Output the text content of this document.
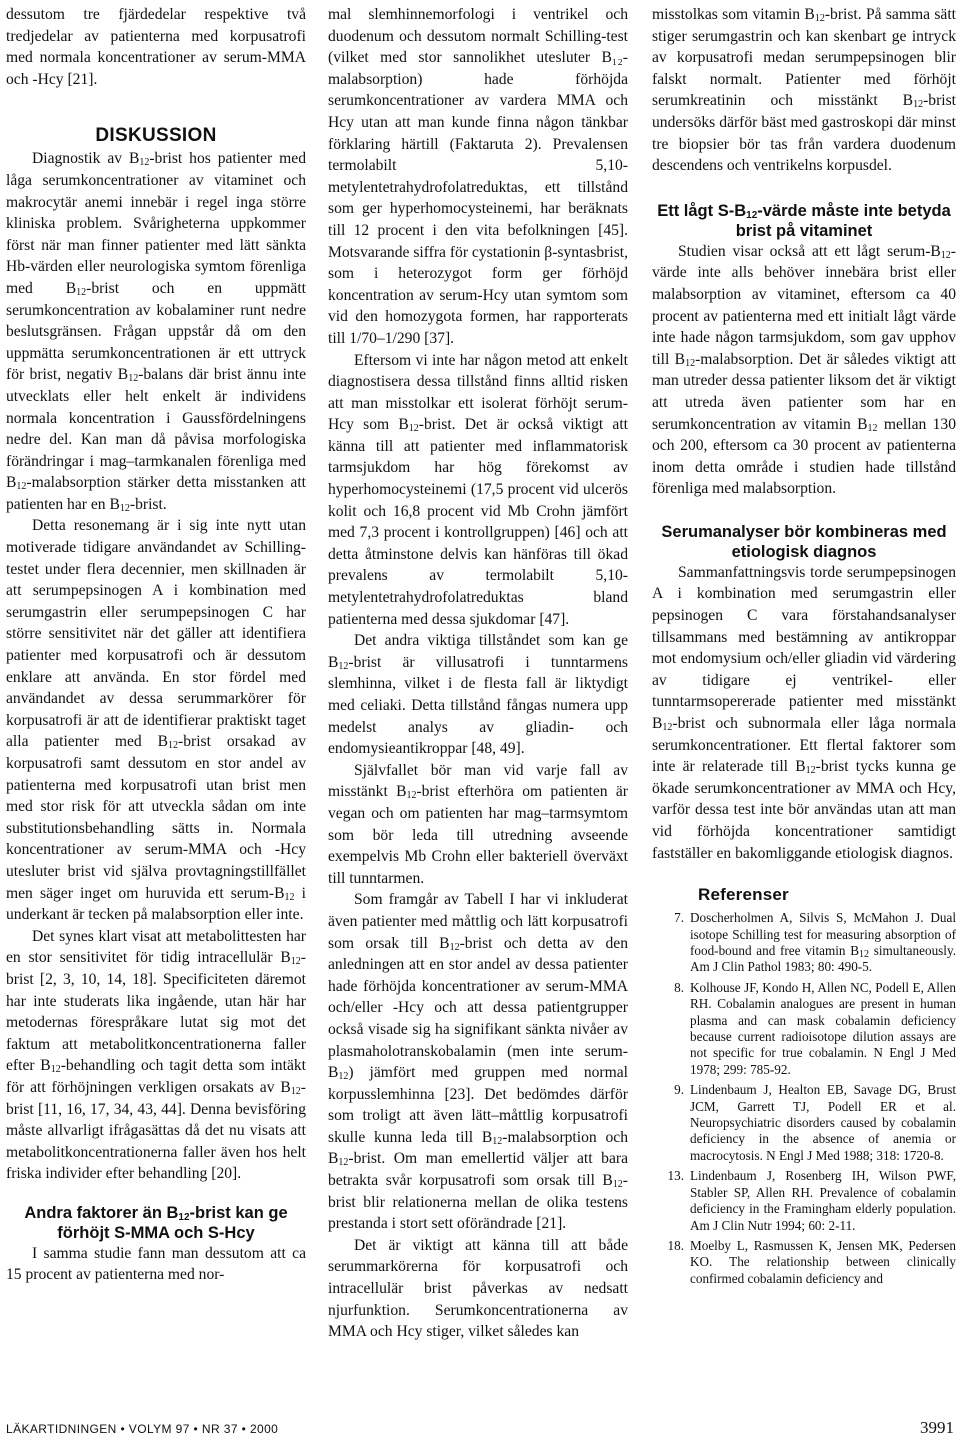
dessutom tre fjärdedelar respektive två tredjedelar av patienterna med korpusatrofi med normala koncentrationer av serum-MMA och -Hcy [21].

DISKUSSION

Diagnostik av $B_{12}$-brist hos patienter med låga serumkoncentrationer av vitaminet och makrocytär anemi innebär i regel inga större kliniska problem. Svårigheterna uppkommer först när man finner patienter med lätt sänkta Hb-värden eller neurologiska symtom förenliga med $B_{12}$-brist och en uppmätt serumkoncentration av kobalaminer runt nedre beslutsgränsen. Frågan uppstår då om den uppmätta serumkoncentrationen är ett uttryck för brist, negativ $B_{12}$-balans där brist ännu inte utvecklats eller helt enkelt är individens normala koncentration i Gaussfördelningens nedre del. Kan man då påvisa morfologiska förändringar i mag–tarmkanalen förenliga med $B_{12}$-malabsorption stärker detta misstanken att patienten har en $B_{12}$-brist.

Detta resonemang är i sig inte nytt utan motiverade tidigare användandet av Schilling-testet under flera decennier, men skillnaden är att serumpepsinogen A i kombination med serumgastrin eller serumpepsinogen C har större sensitivitet när det gäller att identifiera patienter med korpusatrofi och är dessutom enklare att använda. En stor fördel med användandet av dessa serummarkörer för korpusatrofi är att de identifierar praktiskt taget alla patienter med $B_{12}$-brist orsakad av korpusatrofi samt dessutom en stor andel av patienterna med korpusatrofi utan brist men med stor risk för att utveckla sådan om inte substitutionsbehandling sätts in. Normala koncentrationer av serum-MMA och -Hcy utesluter brist vid själva provtagningstillfället men säger inget om huruvida ett serum-$B_{12}$ i underkant är tecken på malabsorption eller inte.

Det synes klart visat att metabolittesten har en stor sensitivitet för tidig intracellulär $B_{12}$-brist [2, 3, 10, 14, 18]. Specificiteten däremot har inte studerats lika ingående, utan här har metodernas förespråkare lutat sig mot det faktum att metabolitkoncentrationerna faller efter $B_{12}$-behandling och tagit detta som intäkt för att förhöjningen verkligen orsakats av $B_{12}$-brist [11, 16, 17, 34, 43, 44]. Denna bevisföring måste allvarligt ifrågasättas då det nu visats att metabolitkoncentrationerna faller även hos helt friska individer efter behandling [20].

Andra faktorer än $B_{12}$-brist kan ge förhöjt S-MMA och S-Hcy

I samma studie fann man dessutom att ca 15 procent av patienterna med nor-

mal slemhinnemorfologi i ventrikel och duodenum och dessutom normalt Schilling-test (vilket med stor sannolikhet utesluter B₁₂-malabsorption) hade förhöjda serumkoncentrationer av vardera MMA och Hcy utan att man kunde finna någon tänkbar förklaring härtill (Faktaruta 2). Prevalensen termolabilt 5,10-metylentetrahydrofolatreduktas, ett tillstånd som ger hyperhomocysteinemi, har beräknats till 12 procent i den vita befolkningen [45]. Motsvarande siffra för cystationin β-syntasbrist, som i heterozygot form ger förhöjd koncentration av serum-Hcy utan symtom som vid den homozygota formen, har rapporterats till 1/70–1/290 [37].

Eftersom vi inte har någon metod att enkelt diagnostisera dessa tillstånd finns alltid risken att man misstolkar ett isolerat förhöjt serum-Hcy som $B_{12}$-brist. Det är också viktigt att känna till att patienter med inflammatorisk tarmsjukdom har hög förekomst av hyperhomocysteinemi (17,5 procent vid ulcerös kolit och 16,8 procent vid Mb Crohn jämfört med 7,3 procent i kontrollgruppen) [46] och att detta åtminstone delvis kan hänföras till ökad prevalens av termolabilt 5,10-metylentetrahydrofolatreduktas bland patienterna med dessa sjukdomar [47].

Det andra viktiga tillståndet som kan ge $B_{12}$-brist är villusatrofi i tunntarmens slemhinna, vilket i de flesta fall är liktydigt med celiaki. Detta tillstånd fångas numera upp medelst analys av gliadin- och endomysieantikroppar [48, 49].

Självfallet bör man vid varje fall av misstänkt $B_{12}$-brist efterhöra om patienten är vegan och om patienten har mag–tarmsymtom som bör leda till utredning avseende exempelvis Mb Crohn eller bakteriell överväxt till tunntarmen.

Som framgår av Tabell I har vi inkluderat även patienter med måttlig och lätt korpusatrofi som orsak till $B_{12}$-brist och detta av den anledningen att en stor andel av dessa patienter hade förhöjda koncentrationer av serum-MMA och/eller -Hcy och att dessa patientgrupper också visade sig ha signifikant sänkta nivåer av plasmaholotranskobalamin (men inte serum-$B_{12}$) jämfört med gruppen med normal korpusslemhinna [23]. Det bedömdes därför som troligt att även lätt–måttlig korpusatrofi skulle kunna leda till $B_{12}$-malabsorption och $B_{12}$-brist. Om man emellertid väljer att bara betrakta svår korpusatrofi som orsak till $B_{12}$-brist blir relationerna mellan de olika testens prestanda i stort sett oförändrade [21].

Det är viktigt att känna till att både serummarkörerna för korpusatrofi och intracellulär brist påverkas av nedsatt njurfunktion. Serumkoncentrationerna av MMA och Hcy stiger, vilket således kan

misstolkas som vitamin $B_{12}$-brist. På samma sätt stiger serumgastrin och kan skenbart ge intryck av korpusatrofi medan serumpepsinogen blir falskt normalt. Patienter med förhöjt serumkreatinin och misstänkt $B_{12}$-brist undersöks därför bäst med gastroskopi där minst tre biopsier bör tas från vardera duodenum descendens och ventrikelns korpusdel.

Ett lågt $S-B_{12}$-värde måste inte betyda brist på vitaminet

Studien visar också att ett lågt serum-$B_{12}$-värde inte alls behöver innebära brist eller malabsorption av vitaminet, eftersom ca 40 procent av patienterna med ett initialt lågt värde inte hade någon tarmsjukdom, som gav upphov till $B_{12}$-malabsorption. Det är således viktigt att man utreder dessa patienter liksom det är viktigt att utreda även patienter som har en serumkoncentration av vitamin $B_{12}$ mellan 130 och 200, eftersom ca 30 procent av patienterna inom detta område i studien hade tillstånd förenliga med malabsorption.

Serumanalyser bör kombineras med etiologisk diagnos

Sammanfattningsvis torde serumpepsinogen A i kombination med serumgastrin eller pepsinogen C vara förstahandsanalyser tillsammans med bestämning av antikroppar mot endomysium och/eller gliadin vid värdering av tidigare ej ventrikel- eller tunntarmsopererade patienter med misstänkt $B_{12}$-brist och subnormala eller låga normala serumkoncentrationer. Ett flertal faktorer som inte är relaterade till $B_{12}$-brist tycks kunna ge ökade serumkoncentrationer av MMA och Hcy, varför dessa test inte bör användas utan att man vid förhöjda koncentrationer samtidigt fastställer en bakomliggande etiologisk diagnos.

Referenser
7. Doscherholmen A, Silvis S, McMahon J. Dual isotope Schilling test for measuring absorption of food-bound and free vitamin $B_{12}$ simultaneously. Am J Clin Pathol 1983; 80: 490-5.
8. Kolhouse JF, Kondo H, Allen NC, Podell E, Allen RH. Cobalamin analogues are present in human plasma and can mask cobalamin deficiency because current radioisotope dilution assays are not specific for true cobalamin. N Engl J Med 1978; 299: 785-92.
9. Lindenbaum J, Healton EB, Savage DG, Brust JCM, Garrett TJ, Podell ER et al. Neuropsychiatric disorders caused by cobalamin deficiency in the absence of anemia or macrocytosis. N Engl J Med 1988; 318: 1720-8.
13. Lindenbaum J, Rosenberg IH, Wilson PWF, Stabler SP, Allen RH. Prevalence of cobalamin deficiency in the Framingham elderly population. Am J Clin Nutr 1994; 60: 2-11.
18. Moelby L, Rasmussen K, Jensen MK, Pedersen KO. The relationship between clinically confirmed cobalamin deficiency and
LÄKARTIDNINGEN • VOLYM 97 • NR 37 • 2000	3991
